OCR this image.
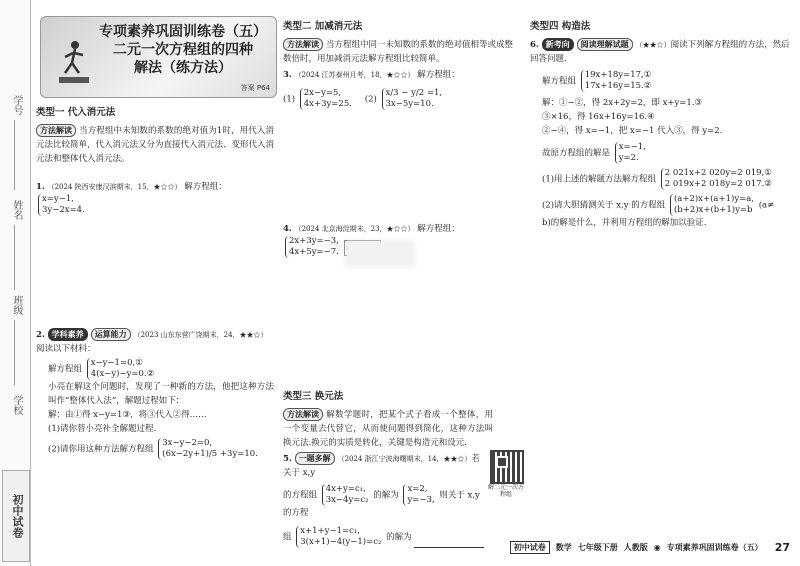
学号
姓名
班级
学校
初中试卷
专项素养巩固训练卷（五）
二元一次方程组的四种
解法（练方法）
答案 P64

类型一 代入消元法

方法解读 当方程组中未知数的系数的绝对值为1时，用代入消元法比较简单，代入消元法又分为直接代入消元法、变形代入消元法和整体代入消元法。
1. （2024 陕西安康汉滨期末，15，★☆☆） 解方程组： x=y−1,
3y−2x=4.
2. 学科素养 运算能力 （2023 山东东营广饶期末，24，★★☆）阅读以下材料：
解方程组 x−y−1=0,①
4(x−y)−y=0.②
小亮在解这个问题时，发现了一种新的方法，他把这种方法叫作“整体代入法”，解题过程如下：
解：由①得 x−y=1③，将③代入②得……
(1)请你替小亮补全解题过程.
(2)请你用这种方法解方程组 3x−y−2=0,
(6x−2y+1)/5 +3y=10.

类型二 加减消元法

方法解读 当方程组中同一未知数的系数的绝对值相等或成整数倍时，用加减消元法解方程组比较简单。
3. （2024 江苏泰州月考，18，★☆☆） 解方程组：
(1) 2x−y=5,
4x+3y=25. (2) x/3 − y/2 =1,
3x−5y=10.
4. （2024 北京海淀期末，23，★☆☆） 解方程组： 2x+3y=−3,
4x+5y=−7.

类型三 换元法

方法解读 解数学题时，把某个式子看成一个整体，用一个变量去代替它，从而使问题得到简化，这种方法叫换元法.换元的实质是转化，关键是构造元和设元.
5. 一题多解 （2024 浙江宁波海曙期末，14，★★☆）若关于 x,y
的方程组 4x+y=c₁,
3x−4y=c₂ 的解为 x=2,
y=−3, 则关于 x,y 的方程
组 x+1+y−1=c₁,
3(x+1)−4(y−1)=c₂ 的解为
解二元一次方程组

类型四 构造法

6. 新考向 阅读理解试题 （★★☆）阅读下列解方程组的方法，然后回答问题.
解方程组 19x+18y=17,①
17x+16y=15.②
解：①−②，得 2x+2y=2，即 x+y=1.③
③×16，得 16x+16y=16.④
②−④，得 x=−1，把 x=−1 代入③，得 y=2.
故原方程组的解是 x=−1,
y=2.
(1)用上述的解题方法解方程组 2 021x+2 020y=2 019,①
2 019x+2 018y=2 017.②
(2)请大胆猜测关于 x,y 的方程组 (a+2)x+(a+1)y=a,
(b+2)x+(b+1)y=b (a≠
b)的解是什么，并利用方程组的解加以验证.
初中试卷	数学 七年级下册 人教版 ◉ 专项素养巩固训练卷（五） 27
